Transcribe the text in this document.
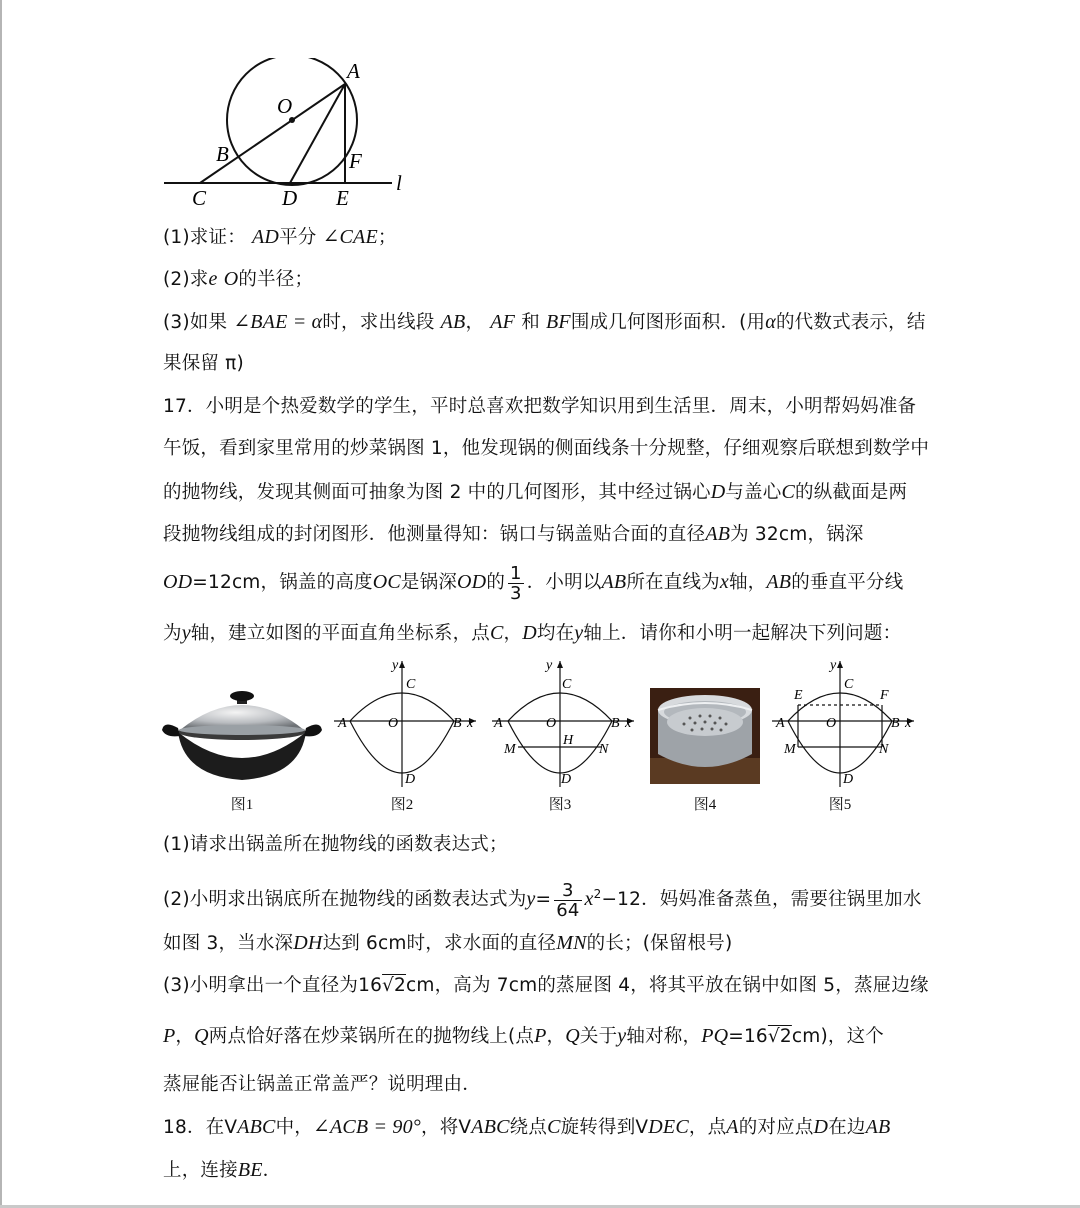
O
A
B	F
C	D E
l
(1)求证： AD平分 ∠CAE；
(2)求e O的半径；
(3)如果 ∠BAE = α时，求出线段 AB， AF 和 BF围成几何图形面积．(用α的代数式表示，结
果保留 π)
17．小明是个热爱数学的学生，平时总喜欢把数学知识用到生活里．周末，小明帮妈妈准备
午饭，看到家里常用的炒菜锅图 1，他发现锅的侧面线条十分规整，仔细观察后联想到数学中
的抛物线，发现其侧面可抽象为图 2 中的几何图形，其中经过锅心D与盖心C的纵截面是两
段抛物线组成的封闭图形．他测量得知：锅口与锅盖贴合面的直径AB为 32cm，锅深
OD=12cm，锅盖的高度OC是锅深OD的 $\frac{1}{3}$ ．小明以AB所在直线为x轴，AB的垂直平分线
为y轴，建立如图的平面直角坐标系，点C，D均在y轴上．请你和小明一起解决下列问题：
y
C
A	O	B x
D
y
C
A	O	B x
H
M	N
D
y
C
E	F
A	O	B x
M	N
D
图1	图2	图3	图4	图5
(1)请求出锅盖所在抛物线的函数表达式；
(2)小明求出锅底所在抛物线的函数表达式为$y= \frac{3}{64} x^2-12$．妈妈准备蒸鱼，需要往锅里加水
如图 3，当水深DH达到 6cm时，求水面的直径MN的长；(保留根号)
(3)小明拿出一个直径为16√2cm，高为 7cm的蒸屉图 4，将其平放在锅中如图 5，蒸屉边缘
P，Q两点恰好落在炒菜锅所在的抛物线上(点P，Q关于y轴对称，PQ=16√2cm)，这个
蒸屉能否让锅盖正常盖严？说明理由．
18．在VABC中，∠ACB = 90°，将VABC绕点C旋转得到VDEC，点A的对应点D在边AB
上，连接BE．
